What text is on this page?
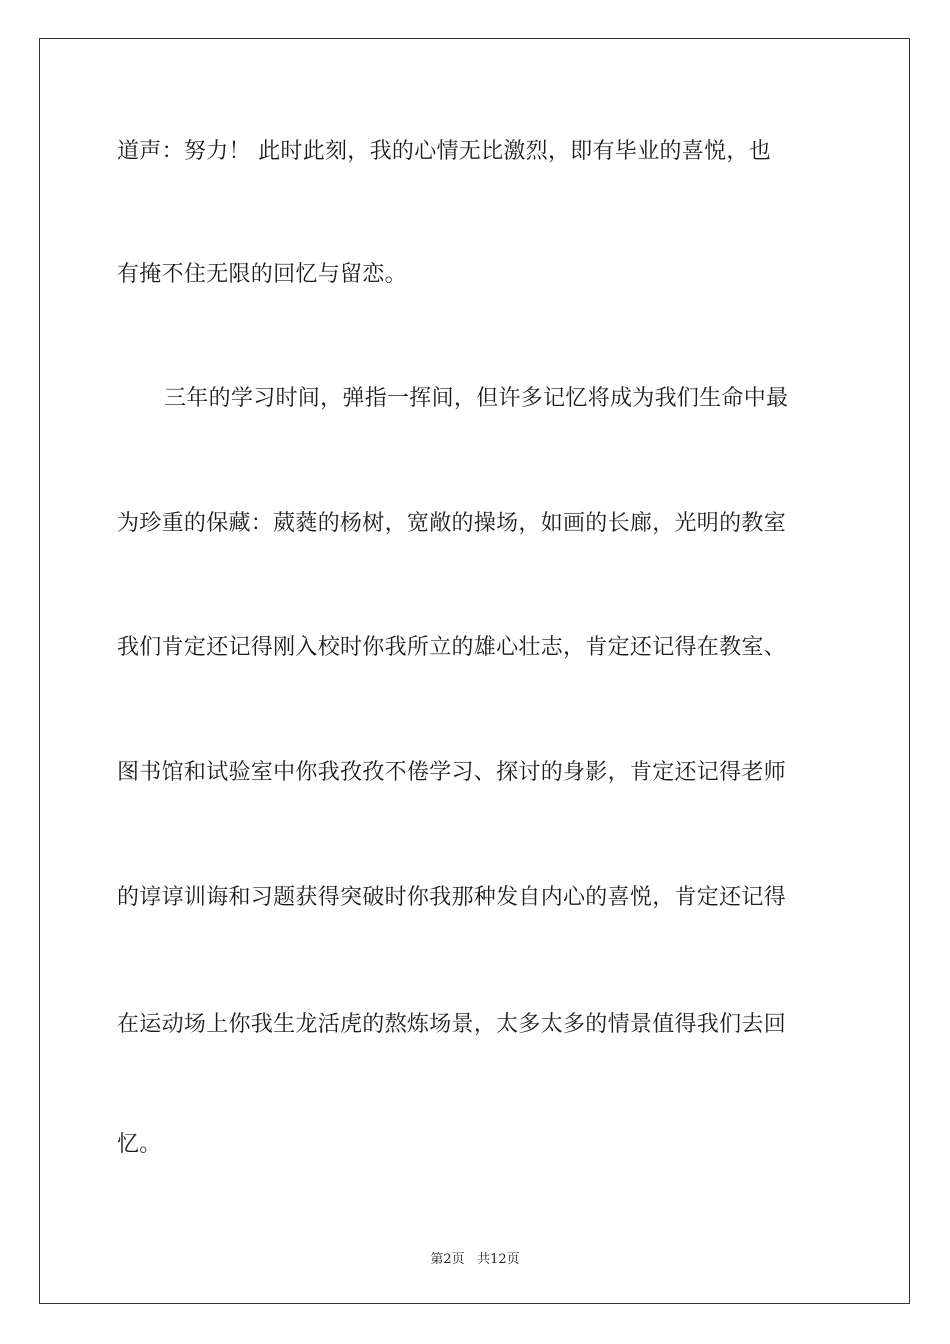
道声：努力！ 此时此刻，我的心情无比激烈，即有毕业的喜悦，也
有掩不住无限的回忆与留恋。
三年的学习时间，弹指一挥间，但许多记忆将成为我们生命中最
为珍重的保藏：葳蕤的杨树，宽敞的操场，如画的长廊，光明的教室
我们肯定还记得刚入校时你我所立的雄心壮志，肯定还记得在教室、
图书馆和试验室中你我孜孜不倦学习、探讨的身影，肯定还记得老师
的谆谆训诲和习题获得突破时你我那种发自内心的喜悦，肯定还记得
在运动场上你我生龙活虎的熬炼场景，太多太多的情景值得我们去回
忆。
第2页 共12页
